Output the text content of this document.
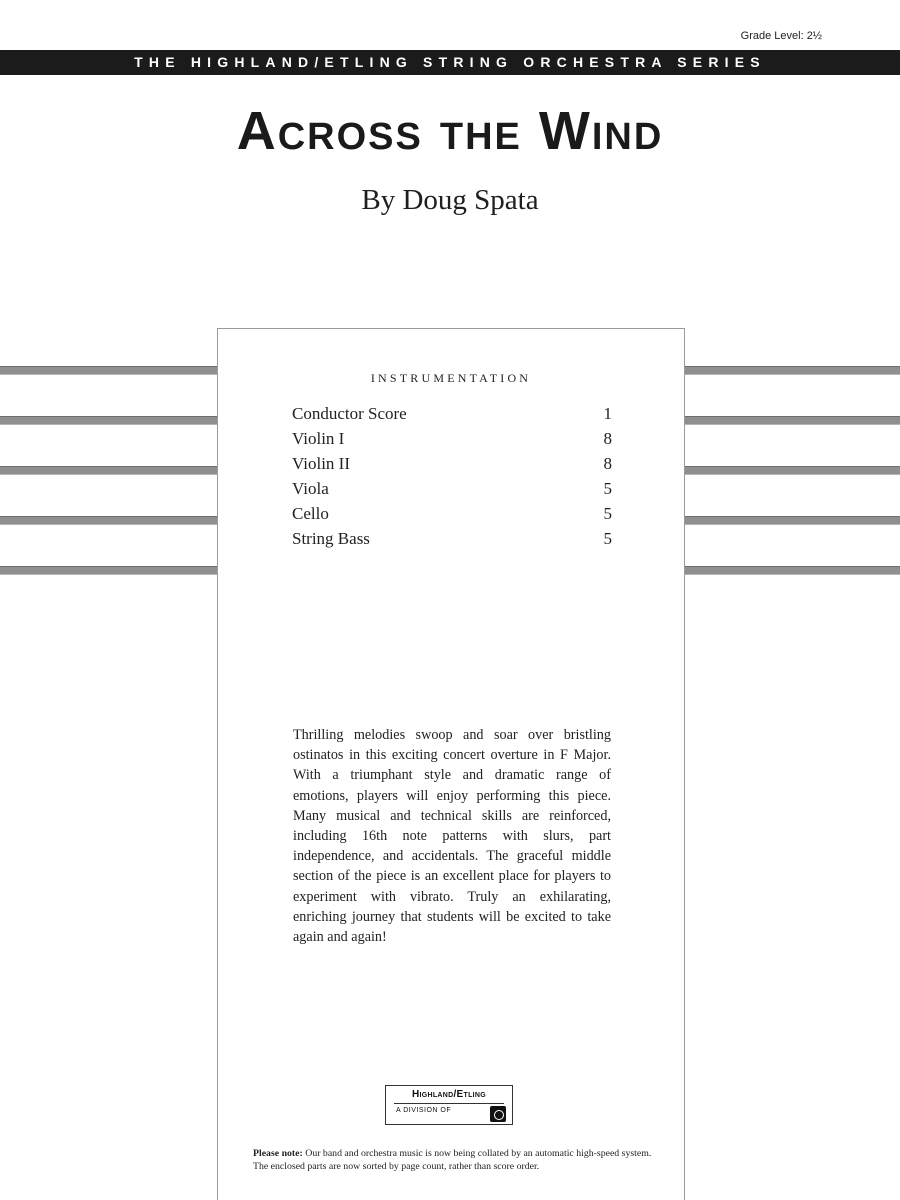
Grade Level: 2½
THE HIGHLAND/ETLING STRING ORCHESTRA SERIES
Across the Wind
By Doug Spata
INSTRUMENTATION
Conductor Score	1
Violin I	8
Violin II	8
Viola	5
Cello	5
String Bass	5

Thrilling melodies swoop and soar over bristling ostinatos in this exciting concert overture in F Major. With a triumphant style and dramatic range of emotions, players will enjoy performing this piece. Many musical and technical skills are reinforced, including 16th note patterns with slurs, part independence, and accidentals. The graceful middle section of the piece is an excellent place for players to experiment with vibrato. Truly an exhilarating, enriching journey that students will be excited to take again and again!

Highland/Etling
A DIVISION OF

Please note: Our band and orchestra music is now being collated by an automatic high-speed system. The enclosed parts are now sorted by page count, rather than score order.
